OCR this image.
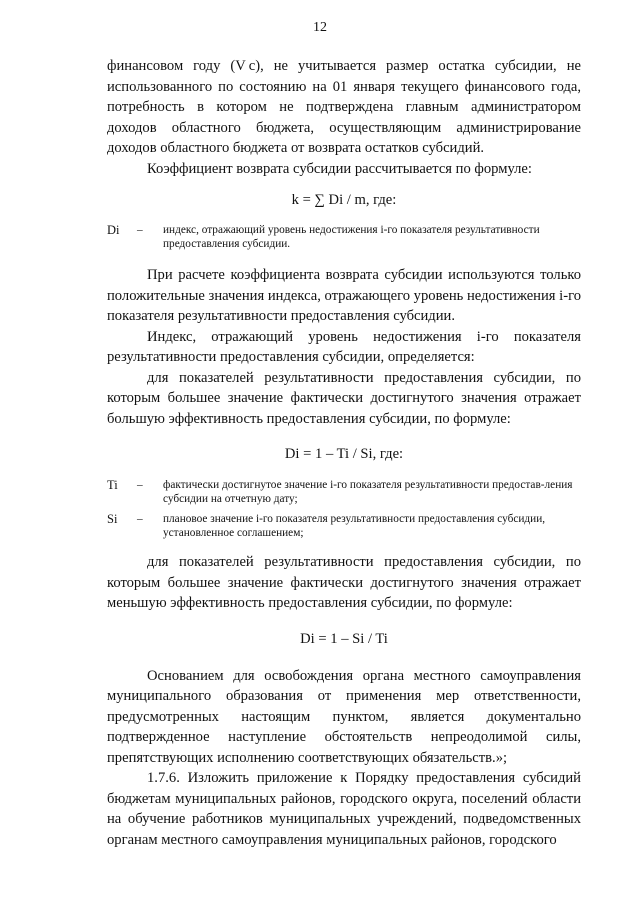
12

финансовом году (V c), не учитывается размер остатка субсидии, не использованного по состоянию на 01 января текущего финансового года, потребность в котором не подтверждена главным администратором доходов областного бюджета, осуществляющим администрирование доходов областного бюджета от возврата остатков субсидий.

Коэффициент возврата субсидии рассчитывается по формуле:

k = ∑ Di / m, где:

Di	–	индекс, отражающий уровень недостижения i-го показателя результативности предоставления субсидии.

При расчете коэффициента возврата субсидии используются только положительные значения индекса, отражающего уровень недостижения i-го показателя результативности предоставления субсидии.

Индекс, отражающий уровень недостижения i-го показателя результативности предоставления субсидии, определяется:

для показателей результативности предоставления субсидии, по которым большее значение фактически достигнутого значения отражает большую эффективность предоставления субсидии, по формуле:

Di = 1 – Ti / Si, где:

Ti	–	фактически достигнутое значение i-го показателя результативности предостав-ления субсидии на отчетную дату;
Si	–	плановое значение i-го показателя результативности предоставления субсидии, установленное соглашением;

для показателей результативности предоставления субсидии, по которым большее значение фактически достигнутого значения отражает меньшую эффективность предоставления субсидии, по формуле:

Di = 1 – Si / Ti

Основанием для освобождения органа местного самоуправления муниципального образования от применения мер ответственности, предусмотренных настоящим пунктом, является документально подтвержденное наступление обстоятельств непреодолимой силы, препятствующих исполнению соответствующих обязательств.»;

1.7.6. Изложить приложение к Порядку предоставления субсидий бюджетам муниципальных районов, городского округа, поселений области на обучение работников муниципальных учреждений, подведомственных органам местного самоуправления муниципальных районов, городского
